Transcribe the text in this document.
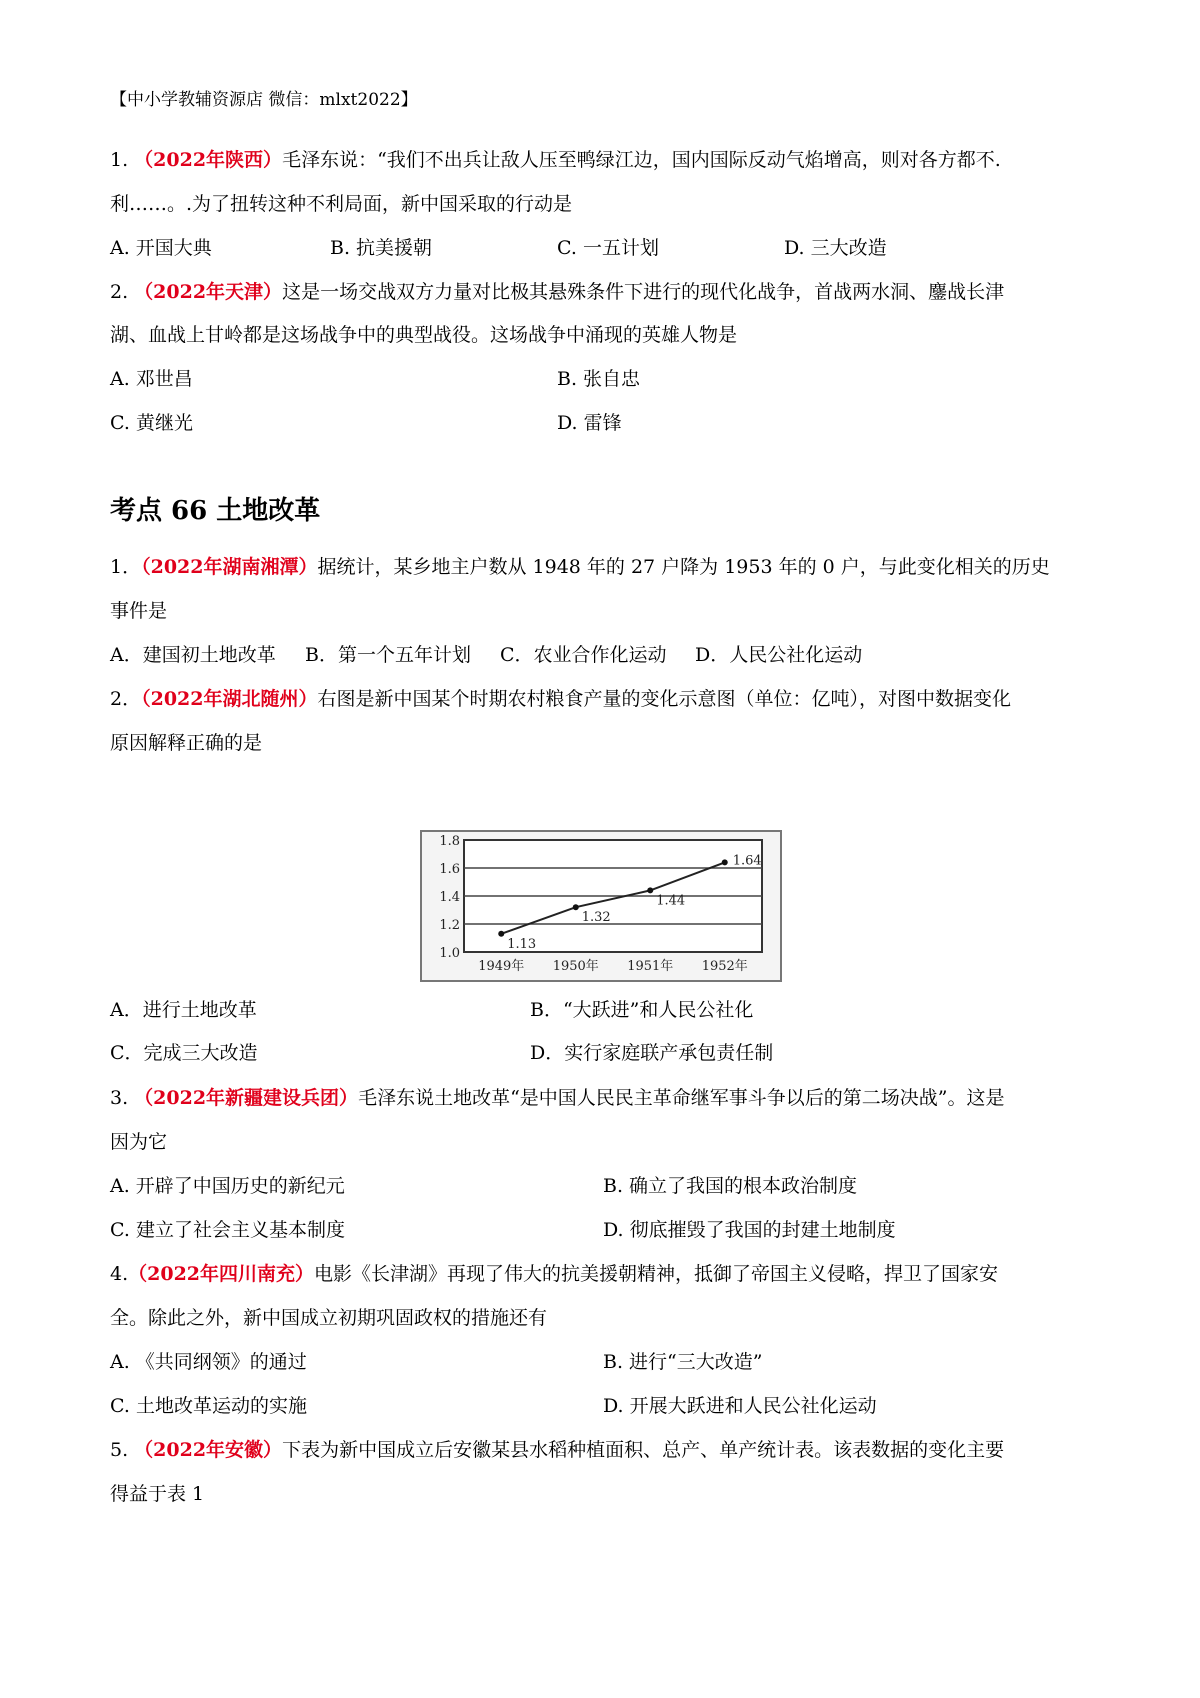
【中小学教辅资源店 微信：mlxt2022】
1. （2022年陕西）毛泽东说：“我们不出兵让敌人压至鸭绿江边，国内国际反动气焰增高，则对各方都不.
利……。.为了扭转这种不利局面，新中国采取的行动是
A. 开国大典	B. 抗美援朝	C. 一五计划	D. 三大改造
2. （2022年天津）这是一场交战双方力量对比极其悬殊条件下进行的现代化战争，首战两水洞、鏖战长津
湖、血战上甘岭都是这场战争中的典型战役。这场战争中涌现的英雄人物是
A. 邓世昌	B. 张自忠
C. 黄继光	D. 雷锋
考点 66 土地改革
1．（2022年湖南湘潭）据统计，某乡地主户数从 1948 年的 27 户降为 1953 年的 0 户，与此变化相关的历史
事件是
A．建国初土地改革 B．第一个五年计划 C．农业合作化运动 D．人民公社化运动
2．（2022年湖北随州）右图是新中国某个时期农村粮食产量的变化示意图（单位：亿吨），对图中数据变化
原因解释正确的是
1.0
1.2
1.4
1.6
1.8
1949年 1950年 1951年 1952年
1.13
1.32
1.44
1.64
A．进行土地改革	B．“大跃进”和人民公社化
C．完成三大改造	D．实行家庭联产承包责任制
3. （2022年新疆建设兵团）毛泽东说土地改革“是中国人民民主革命继军事斗争以后的第二场决战”。这是
因为它
A. 开辟了中国历史的新纪元	B. 确立了我国的根本政治制度
C. 建立了社会主义基本制度	D. 彻底摧毁了我国的封建土地制度
4.（2022年四川南充）电影《长津湖》再现了伟大的抗美援朝精神，抵御了帝国主义侵略，捍卫了国家安
全。除此之外，新中国成立初期巩固政权的措施还有
A. 《共同纲领》的通过	B. 进行“三大改造”
C. 土地改革运动的实施	D. 开展大跃进和人民公社化运动
5. （2022年安徽）下表为新中国成立后安徽某县水稻种植面积、总产、单产统计表。该表数据的变化主要
得益于表 1
